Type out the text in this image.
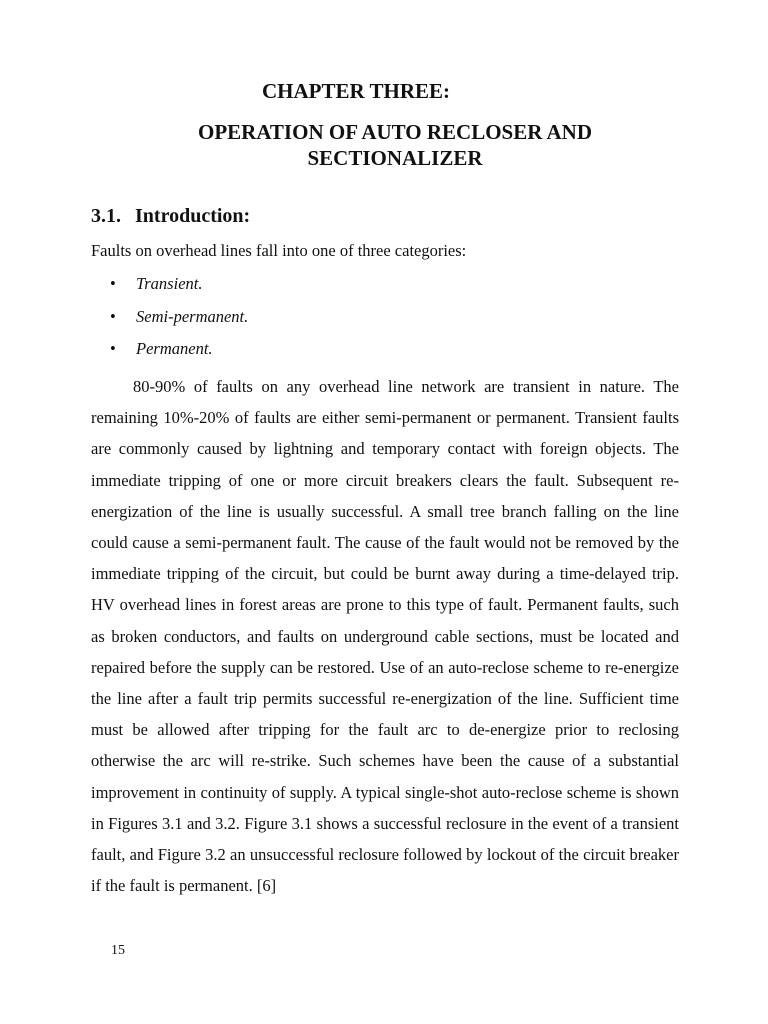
CHAPTER THREE:
OPERATION OF AUTO RECLOSER AND SECTIONALIZER
3.1. Introduction:
Faults on overhead lines fall into one of three categories:
• Transient.
• Semi-permanent.
• Permanent.

80-90% of faults on any overhead line network are transient in nature. The remaining 10%-20% of faults are either semi-permanent or permanent. Transient faults are commonly caused by lightning and temporary contact with foreign objects. The immediate tripping of one or more circuit breakers clears the fault. Subsequent re-energization of the line is usually successful. A small tree branch falling on the line could cause a semi-permanent fault. The cause of the fault would not be removed by the immediate tripping of the circuit, but could be burnt away during a time-delayed trip. HV overhead lines in forest areas are prone to this type of fault. Permanent faults, such as broken conductors, and faults on underground cable sections, must be located and repaired before the supply can be restored. Use of an auto-reclose scheme to re-energize the line after a fault trip permits successful re-energization of the line. Sufficient time must be allowed after tripping for the fault arc to de-energize prior to reclosing otherwise the arc will re-strike. Such schemes have been the cause of a substantial improvement in continuity of supply. A typical single-shot auto-reclose scheme is shown in Figures 3.1 and 3.2. Figure 3.1 shows a successful reclosure in the event of a transient fault, and Figure 3.2 an unsuccessful reclosure followed by lockout of the circuit breaker if the fault is permanent. [6]

15
